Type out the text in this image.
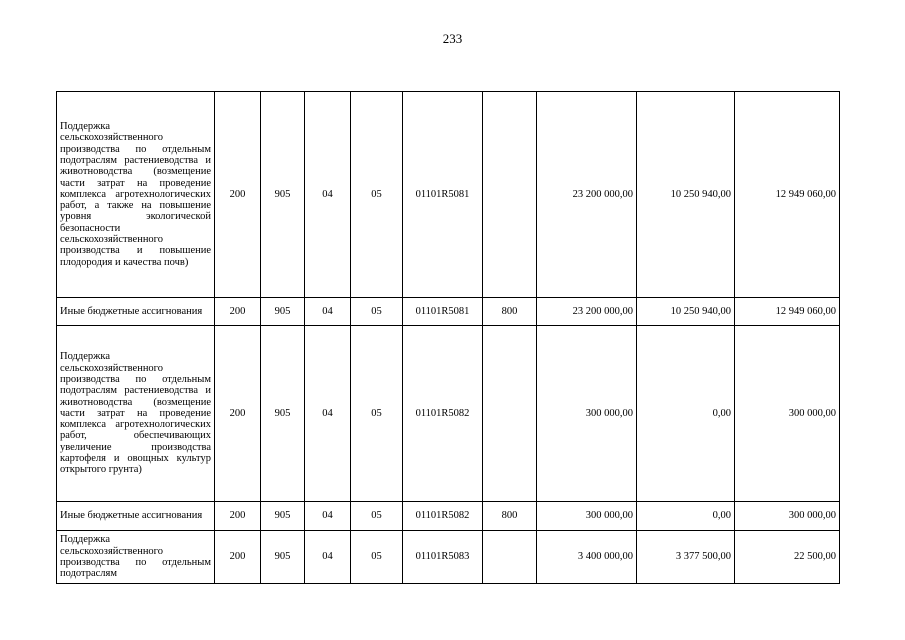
233
Поддержка сельскохозяйственного производства по отдельным подотраслям растениеводства и животноводства (возмещение части затрат на проведение комплекса агротехнологических работ, а также на повышение уровня экологической безопасности сельскохозяйственного производства и повышение плодородия и качества почв)	200	905	04	05	01101R5081		23 200 000,00	10 250 940,00	12 949 060,00
Иные бюджетные ассигнования	200	905	04	05	01101R5081	800	23 200 000,00	10 250 940,00	12 949 060,00
Поддержка сельскохозяйственного производства по отдельным подотраслям растениеводства и животноводства (возмещение части затрат на проведение комплекса агротехнологических работ, обеспечивающих увеличение производства картофеля и овощных культур открытого грунта)	200	905	04	05	01101R5082		300 000,00	0,00	300 000,00
Иные бюджетные ассигнования	200	905	04	05	01101R5082	800	300 000,00	0,00	300 000,00
Поддержка сельскохозяйственного производства по отдельным подотраслям	200	905	04	05	01101R5083		3 400 000,00	3 377 500,00	22 500,00
